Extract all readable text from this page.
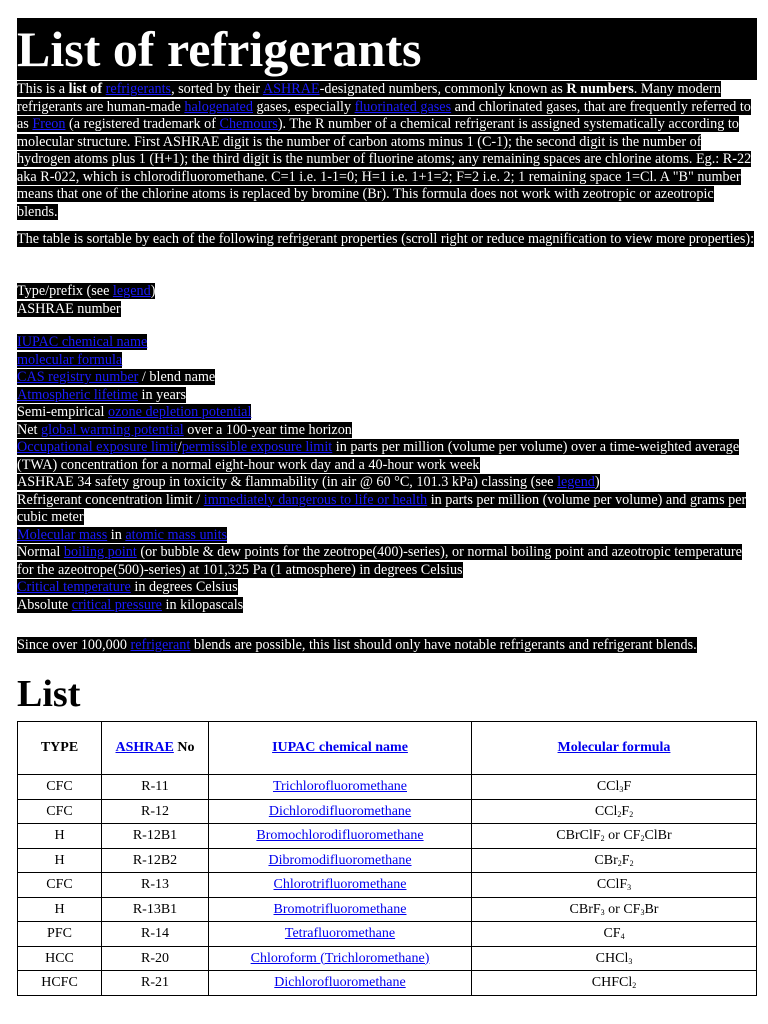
List of refrigerants

This is a list of refrigerants, sorted by their ASHRAE-designated numbers, commonly known as R numbers. Many modern refrigerants are human-made halogenated gases, especially fluorinated gases and chlorinated gases, that are frequently referred to as Freon (a registered trademark of Chemours). The R number of a chemical refrigerant is assigned systematically according to molecular structure. First ASHRAE digit is the number of carbon atoms minus 1 (C-1); the second digit is the number of hydrogen atoms plus 1 (H+1); the third digit is the number of fluorine atoms; any remaining spaces are chlorine atoms. Eg.: R-22 aka R-022, which is chlorodifluoromethane. C=1 i.e. 1-1=0; H=1 i.e. 1+1=2; F=2 i.e. 2; 1 remaining space 1=Cl. A "B" number means that one of the chlorine atoms is replaced by bromine (Br). This formula does not work with zeotropic or azeotropic blends.

The table is sortable by each of the following refrigerant properties (scroll right or reduce magnification to view more properties):

Type/prefix (see legend)
ASHRAE number
IUPAC chemical name
molecular formula
CAS registry number / blend name
Atmospheric lifetime in years
Semi-empirical ozone depletion potential
Net global warming potential over a 100-year time horizon
Occupational exposure limit/permissible exposure limit in parts per million (volume per volume) over a time-weighted average (TWA) concentration for a normal eight-hour work day and a 40-hour work week
ASHRAE 34 safety group in toxicity & flammability (in air @ 60 °C, 101.3 kPa) classing (see legend)
Refrigerant concentration limit / immediately dangerous to life or health in parts per million (volume per volume) and grams per cubic meter
Molecular mass in atomic mass units
Normal boiling point (or bubble & dew points for the zeotrope(400)-series), or normal boiling point and azeotropic temperature for the azeotrope(500)-series) at 101,325 Pa (1 atmosphere) in degrees Celsius
Critical temperature in degrees Celsius
Absolute critical pressure in kilopascals

Since over 100,000 refrigerant blends are possible, this list should only have notable refrigerants and refrigerant blends.

List
TYPE	ASHRAE No	IUPAC chemical name	Molecular formula
CFC	R-11	Trichlorofluoromethane	CCl$_3$F
CFC	R-12	Dichlorodifluoromethane	$CCl_2F_2$
H	R-12B1	Bromochlorodifluoromethane	CBrClF$_2$ or $CF_2ClBr$
H	R-12B2	Dibromodifluoromethane	$CBr_2F_2$
CFC	R-13	Chlorotrifluoromethane	CClF$_3$
H	R-13B1	Bromotrifluoromethane	CBrF$_3$ or $CF_3Br$
PFC	R-14	Tetrafluoromethane	$CF_4$
HCC	R-20	Chloroform (Trichloromethane)	CHCl$_3$
HCFC	R-21	Dichlorofluoromethane	CHFCl$_2$
